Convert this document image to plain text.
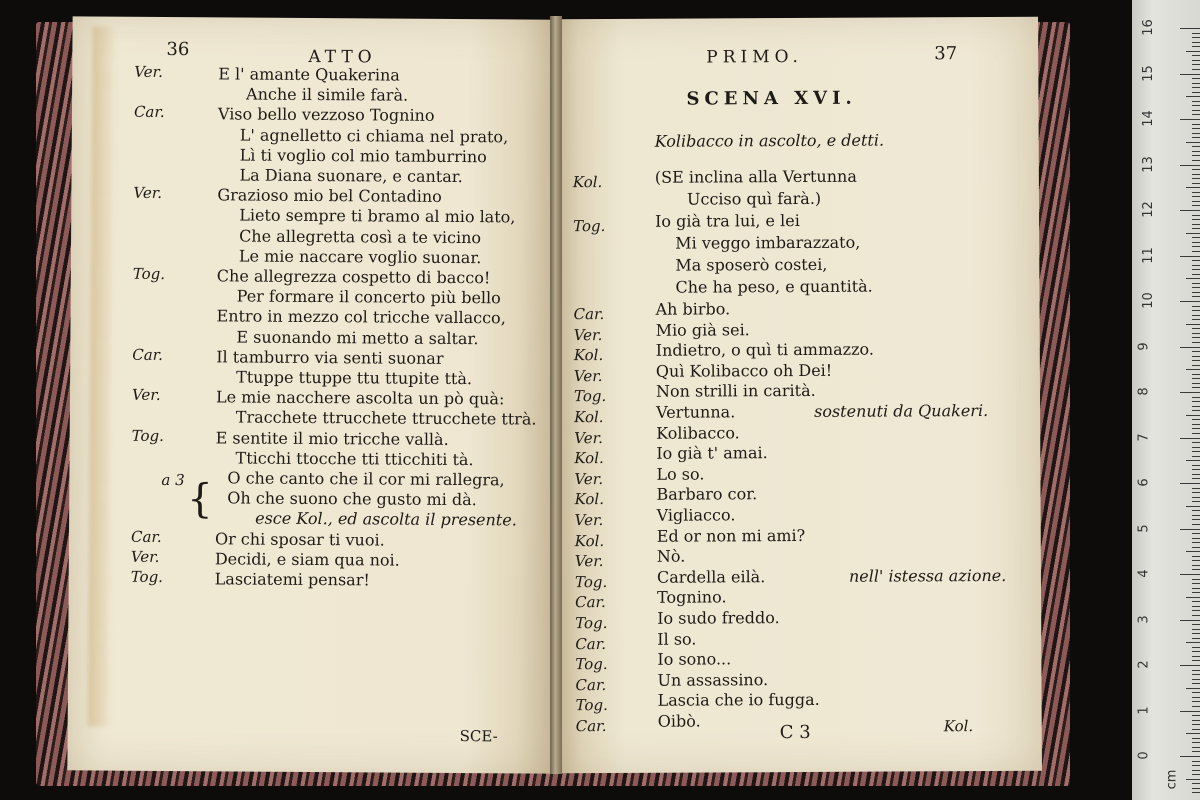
36	ATTO
{
SCE-
Ver.	E l' amante Quakerina
Anche il simile farà.
Car.	Viso bello vezzoso Tognino
L' agnelletto ci chiama nel prato,
Lì ti voglio col mio tamburrino
La Diana suonare, e cantar.
Ver.	Grazioso mio bel Contadino
Lieto sempre ti bramo al mio lato,
Che allegretta così a te vicino
Le mie naccare voglio suonar.
Tog.	Che allegrezza cospetto di bacco!
Per formare il concerto più bello
Entro in mezzo col tricche vallacco,
E suonando mi metto a saltar.
Car.	Il tamburro via senti suonar
Ttuppe ttuppe ttu ttupite ttà.
Ver.	Le mie nacchere ascolta un pò quà:
Tracchete ttrucchete ttrucchete ttrà.
Tog.	E sentite il mio tricche vallà.
Tticchi ttocche tti tticchiti tà.
a 3	O che canto che il cor mi rallegra,
Oh che suono che gusto mi dà.
esce Kol., ed ascolta il presente.
Car.	Or chi sposar ti vuoi.
Ver.	Decidi, e siam qua noi.
Tog.	Lasciatemi pensar!
PRIMO.	37
SCENA XVI.
Kolibacco in ascolto, e detti.
C 3	Kol.
Kol.	(SE inclina alla Vertunna
Ucciso quì farà.)
Tog.	Io già tra lui, e lei
Mi veggo imbarazzato,
Ma sposerò costei,
Che ha peso, e quantità.
Car.	Ah birbo.
Ver.	Mio già sei.
Kol.	Indietro, o quì ti ammazzo.
Ver.	Quì Kolibacco oh Dei!
Tog.	Non strilli in carità.
Kol.	Vertunna.	sostenuti da Quakeri.
Ver.	Kolibacco.
Kol.	Io già t' amai.
Ver.	Lo so.
Kol.	Barbaro cor.
Ver.	Vigliacco.
Kol.	Ed or non mi ami?
Ver.	Nò.
Tog.	Cardella eilà.	nell' istessa azione.
Car.	Tognino.
Tog.	Io sudo freddo.
Car.	Il so.
Tog.	Io sono...
Car.	Un assassino.
Tog.	Lascia che io fugga.
Car.	Oibò.
16
15
14
13
12
11
10
9
8
7
6
5
4
3
2
1
0
cm
